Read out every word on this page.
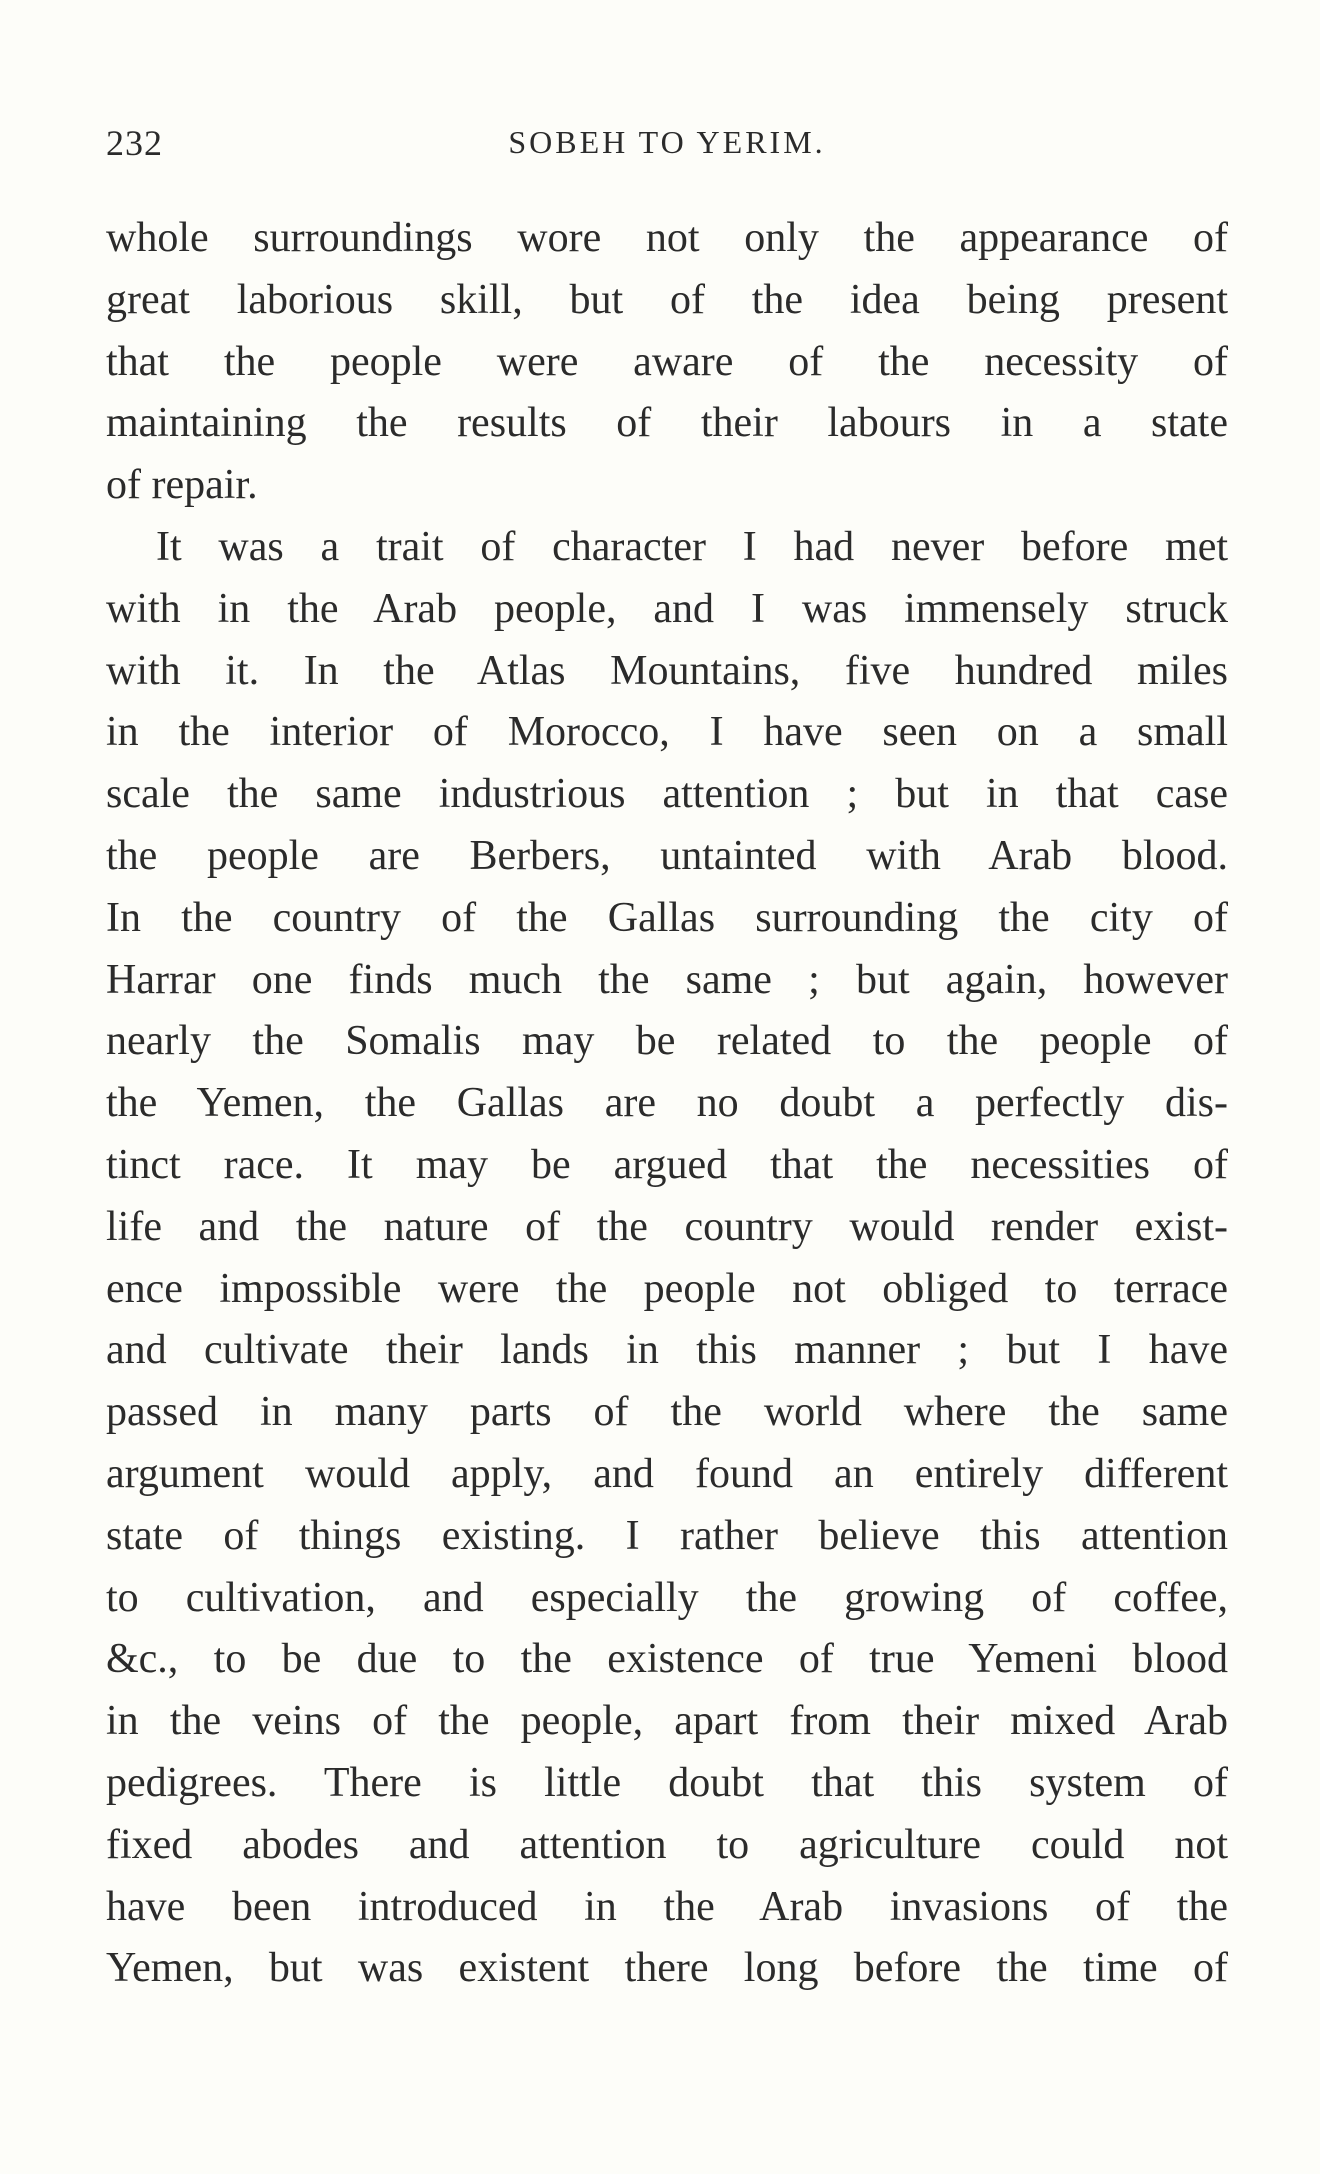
232	SOBEH TO YERIM.
whole surroundings wore not only the appearance of
great laborious skill, but of the idea being present
that the people were aware of the necessity of
maintaining the results of their labours in a state
of repair.
It was a trait of character I had never before met
with in the Arab people, and I was immensely struck
with it. In the Atlas Mountains, five hundred miles
in the interior of Morocco, I have seen on a small
scale the same industrious attention ; but in that case
the people are Berbers, untainted with Arab blood.
In the country of the Gallas surrounding the city of
Harrar one finds much the same ; but again, however
nearly the Somalis may be related to the people of
the Yemen, the Gallas are no doubt a perfectly dis-
tinct race. It may be argued that the necessities of
life and the nature of the country would render exist-
ence impossible were the people not obliged to terrace
and cultivate their lands in this manner ; but I have
passed in many parts of the world where the same
argument would apply, and found an entirely different
state of things existing. I rather believe this attention
to cultivation, and especially the growing of coffee,
&c., to be due to the existence of true Yemeni blood
in the veins of the people, apart from their mixed Arab
pedigrees. There is little doubt that this system of
fixed abodes and attention to agriculture could not
have been introduced in the Arab invasions of the
Yemen, but was existent there long before the time of
